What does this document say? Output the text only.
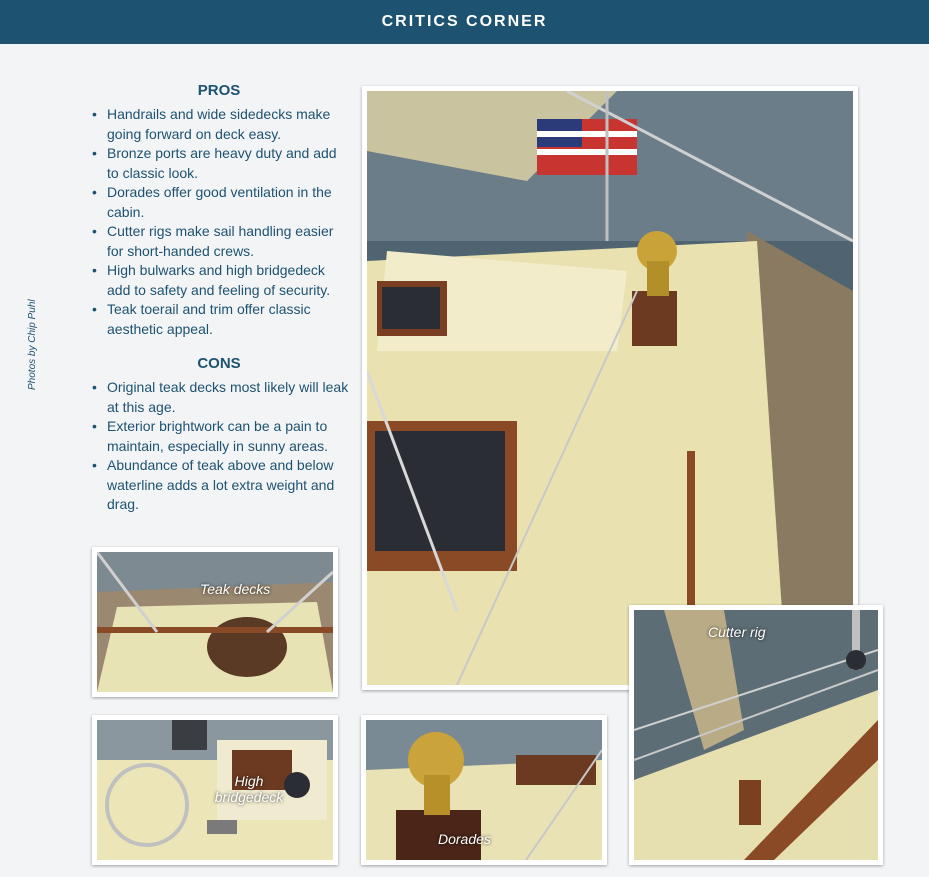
CRITICS CORNER
Photos by Chip Puhl
PROS
• Handrails and wide sidedecks make going forward on deck easy.
• Bronze ports are heavy duty and add to classic look.
• Dorades offer good ventilation in the cabin.
• Cutter rigs make sail handling easier for short-handed crews.
• High bulwarks and high bridgedeck add to safety and feeling of security.
• Teak toerail and trim offer classic aesthetic appeal.
CONS
• Original teak decks most likely will leak at this age.
• Exterior brightwork can be a pain to maintain, especially in sunny areas.
• Abundance of teak above and below waterline adds a lot extra weight and drag.
Teak decks
High
bridgedeck
Dorades
Cutter rig
